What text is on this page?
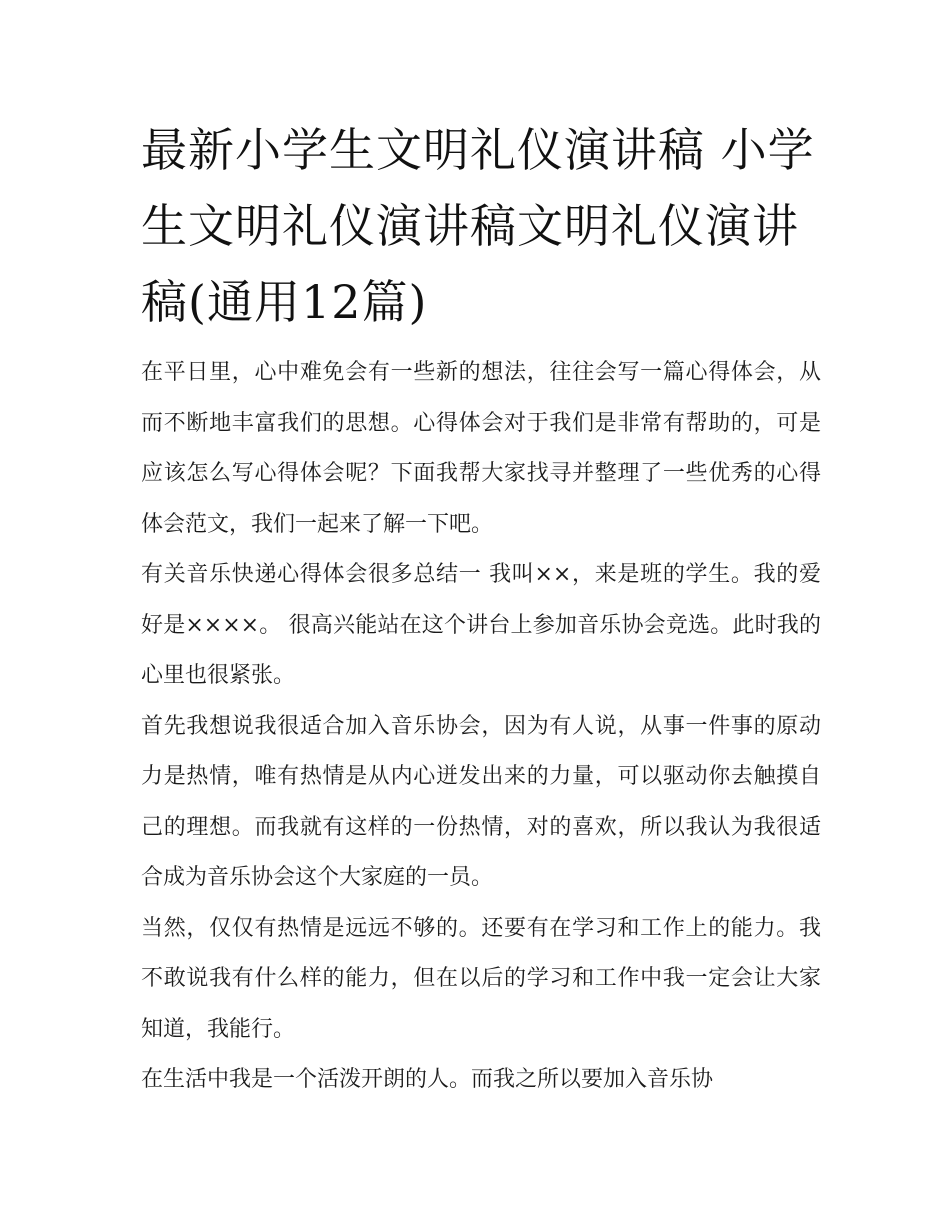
最新小学生文明礼仪演讲稿 小学生文明礼仪演讲稿文明礼仪演讲稿(通用12篇)

在平日里，心中难免会有一些新的想法，往往会写一篇心得体会，从而不断地丰富我们的思想。心得体会对于我们是非常有帮助的，可是应该怎么写心得体会呢？下面我帮大家找寻并整理了一些优秀的心得体会范文，我们一起来了解一下吧。

有关音乐快递心得体会很多总结一 我叫××，来是班的学生。我的爱好是××××。 很高兴能站在这个讲台上参加音乐协会竞选。此时我的心里也很紧张。

首先我想说我很适合加入音乐协会，因为有人说，从事一件事的原动力是热情，唯有热情是从内心迸发出来的力量，可以驱动你去触摸自己的理想。而我就有这样的一份热情，对的喜欢，所以我认为我很适合成为音乐协会这个大家庭的一员。

当然，仅仅有热情是远远不够的。还要有在学习和工作上的能力。我不敢说我有什么样的能力，但在以后的学习和工作中我一定会让大家知道，我能行。

在生活中我是一个活泼开朗的人。而我之所以要加入音乐协
